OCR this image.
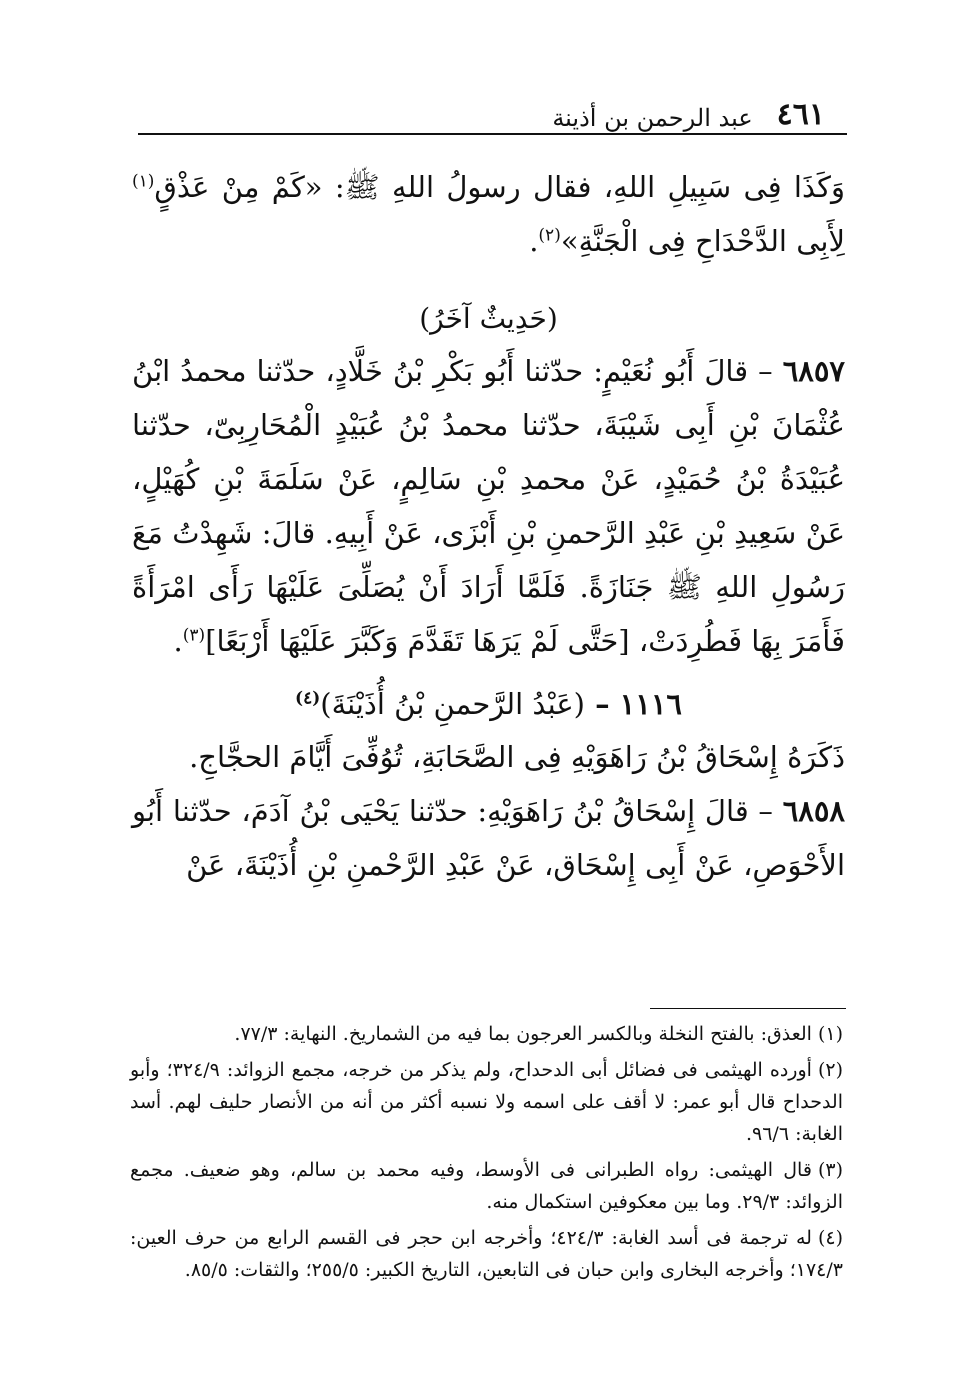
٤٦١
عبد الرحمن بن أذينة

وَكَذَا فِى سَبِيلِ اللهِ، فقال رسولُ اللهِ ﷺ: «كَمْ مِنْ عَذْقٍ$^{(١)}$ لِأَبِى الدَّحْدَاحِ فِى الْجَنَّةِ»$^{(٢)}$.

(حَدِيثٌ آخَرُ)

٦٨٥٧ – قالَ أَبُو نُعَيْمٍ: حدّثنا أَبُو بَكْرِ بْنُ خَلَّادٍ، حدّثنا محمدُ ابْنُ عُثْمَانَ بْنِ أَبِى شَيْبَةَ، حدّثنا محمدُ بْنُ عُبَيْدٍ الْمُحَارِبِىّ، حدّثنا عُبَيْدَةُ بْنُ حُمَيْدٍ، عَنْ محمدِ بْنِ سَالِمٍ، عَنْ سَلَمَةَ بْنِ كُهَيْلٍ، عَنْ سَعِيدِ بْنِ عَبْدِ الرَّحمنِ بْنِ أَبْزَى، عَنْ أَبِيهِ. قالَ: شَهِدْتُ مَعَ رَسُولِ اللهِ ﷺ جَنَازَةً. فَلَمَّا أَرَادَ أَنْ يُصَلِّىَ عَلَيْهَا رَأَى امْرَأَةً فَأَمَرَ بِهَا فَطُرِدَتْ، [حَتَّى لَمْ يَرَهَا تَقَدَّمَ وَكَبَّرَ عَلَيْهَا أَرْبَعًا]$^{(٣)}$.

١١١٦ – (عَبْدُ الرَّحمنِ بْنُ أُذَيْنَةَ)$^{(٤)}$

ذَكَرَهُ إِسْحَاقُ بْنُ رَاهَوَيْهِ فِى الصَّحَابَةِ، تُوُفِّىَ أَيَّامَ الحجَّاجِ.

٦٨٥٨ – قالَ إِسْحَاقُ بْنُ رَاهَوَيْهِ: حدّثنا يَحْيَى بْنُ آدَمَ، حدّثنا أَبُو الأَحْوَصِ، عَنْ أَبِى إِسْحَاق، عَنْ عَبْدِ الرَّحْمنِ بْنِ أُذَيْنَةَ، عَنْ

(١)العذق: بالفتح النخلة وبالكسر العرجون بما فيه من الشماريخ. النهاية: ٧٧/٣.

(٢)أورده الهيثمى فى فضائل أبى الدحداح، ولم يذكر من خرجه، مجمع الزوائد: ٣٢٤/٩؛ وأبو الدحداح قال أبو عمر: لا أقف على اسمه ولا نسبه أكثر من أنه من الأنصار حليف لهم. أسد الغابة: ٩٦/٦.

(٣)قال الهيثمى: رواه الطبرانى فى الأوسط، وفيه محمد بن سالم، وهو ضعيف. مجمع الزوائد: ٢٩/٣. وما بين معكوفين استكمال منه.

(٤)له ترجمة فى أسد الغابة: ٤٢٤/٣؛ وأخرجه ابن حجر فى القسم الرابع من حرف العين: ١٧٤/٣؛ وأخرجه البخارى وابن حبان فى التابعين، التاريخ الكبير: ٢٥٥/٥؛ والثقات: ٨٥/٥.
